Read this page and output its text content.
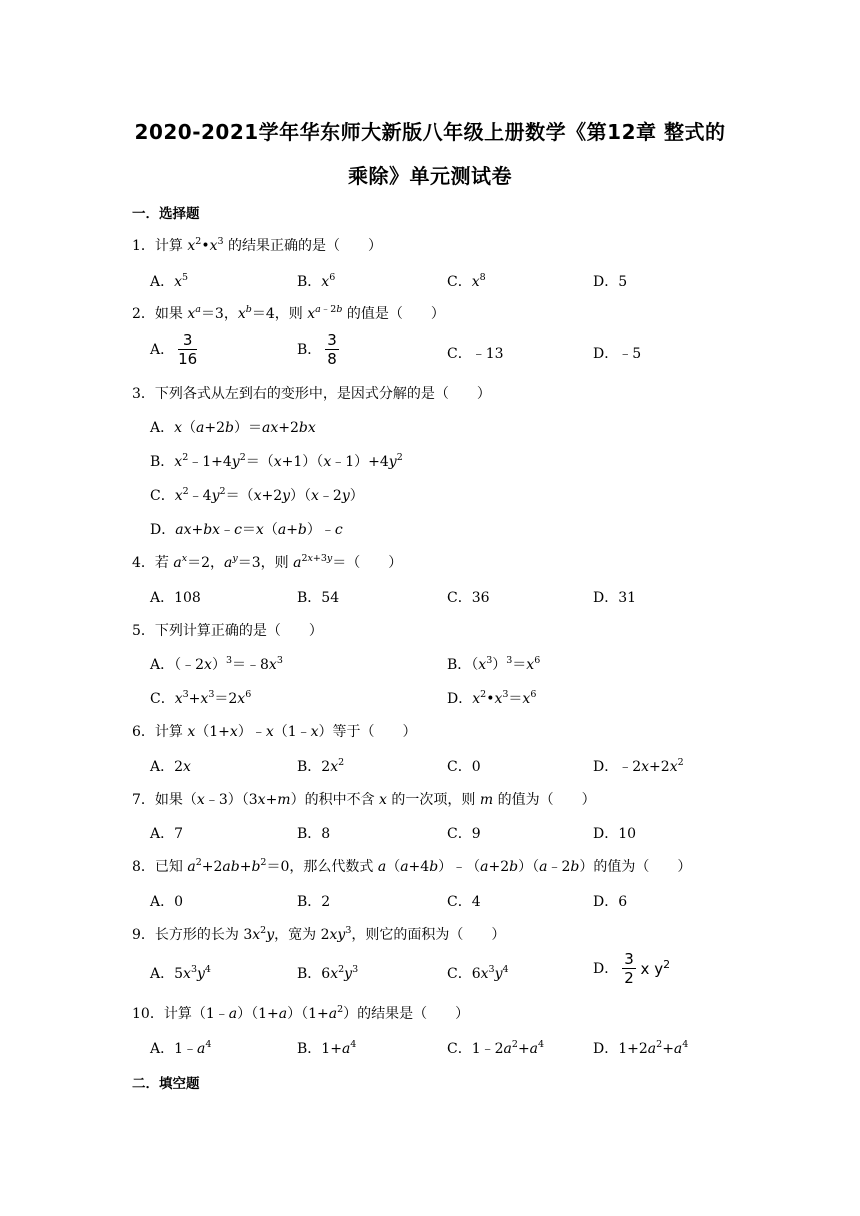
2020-2021学年华东师大新版八年级上册数学《第12章 整式的
乘除》单元测试卷
一．选择题
1．计算 $x^2•x^3$ 的结果正确的是（　　）
A．$x^5$	B．$x^6$	C．$x^8$	D．5
2．如果 $x^a=3$，$x^b=4$，则 $x^{a﹣2b}$ 的值是（　　）
A． $\frac{3}{16}$	B． $\frac{3}{8}$	C．﹣13	D．﹣5
3．下列各式从左到右的变形中，是因式分解的是（　　）
A．x（a+2b）＝ax+2bx
B．$x^2﹣1+4y^2=(x+1)(x﹣1)+4y^2$
C．$x^2﹣4y^2=(x+2y)(x﹣2y)$
D．ax+bx﹣c＝x（a+b）﹣c
4．若 $a^x=2$，$a^y=3$，则 $a^{2x+3y}=$（　　）
A．108	B．54	C．36	D．31
5．下列计算正确的是（　　）
A．$(﹣2x)^3=﹣8x^3$	B．$(x^3)^3=x^6$
C．$x^3+x^3=2x^6$	D．$x^2•x^3=x^6$
6．计算 x（1+x）﹣x（1﹣x）等于（　　）
A．2x	B．$2x^2$	C．0	D．$﹣2x+2x^2$
7．如果（x﹣3）（3x+m）的积中不含 x 的一次项，则 m 的值为（　　）
A．7	B．8	C．9	D．10
8．已知 $a^2+2ab+b^2=0$，那么代数式 a（a+4b）﹣（a+2b）（a﹣2b）的值为（　　）
A．0	B．2	C．4	D．6
9．长方形的长为 $3x^2y$，宽为 $2xy^3$，则它的面积为（　　）
A．$5x^3y^4$	B．$6x^2y^3$	C．$6x^3y^4$	D． $\frac{3}{2}$ x $y^2$
10．计算$(1﹣a)(1+a)(1+a^2)$的结果是（　　）
A．$1﹣a^4$	B．$1+a^4$	C．$1﹣2a^2+a^4$	D．$1+2a^2+a^4$
二．填空题
